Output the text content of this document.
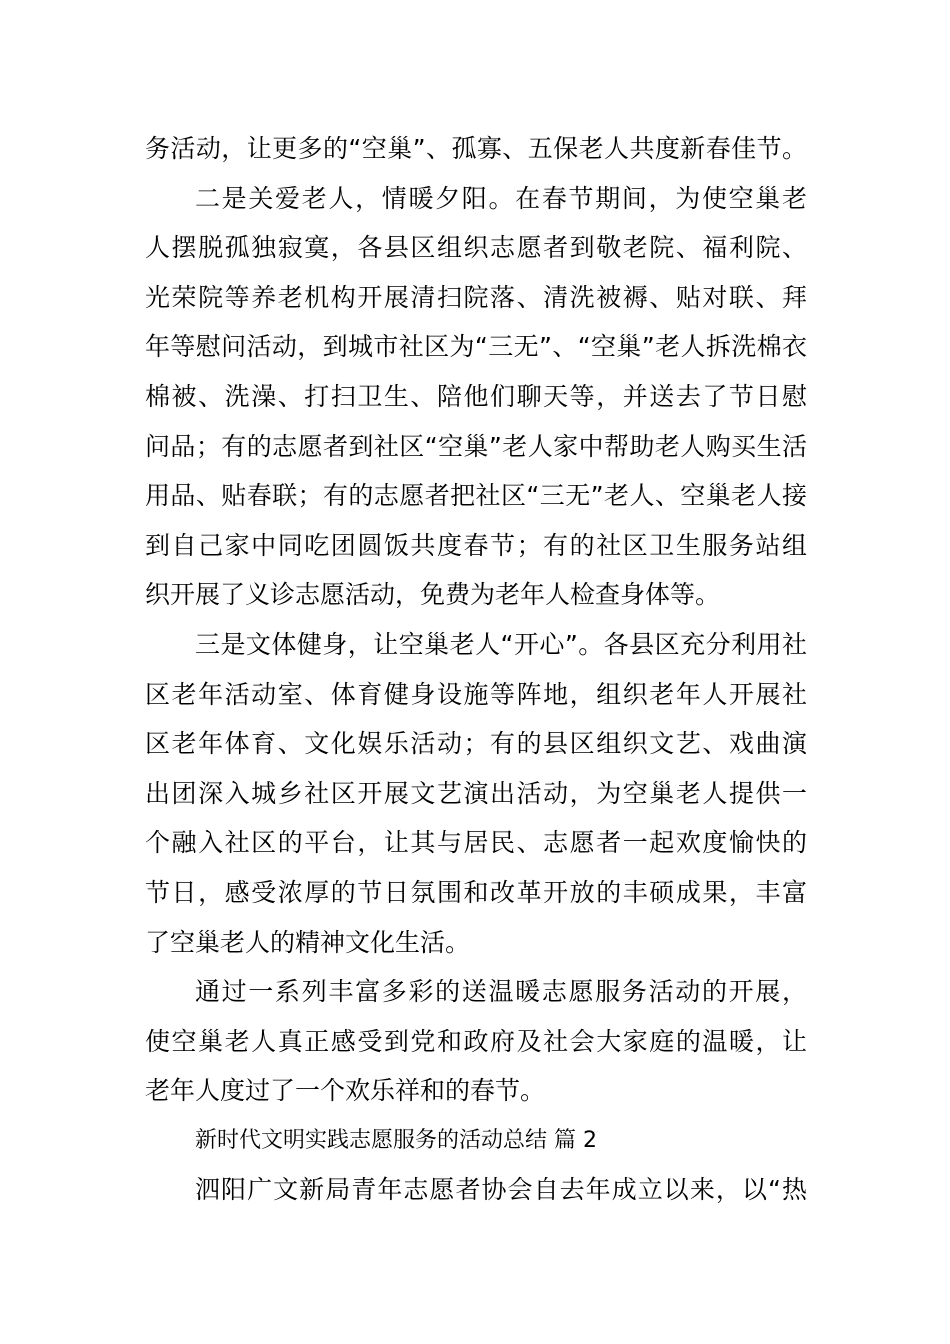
务活动，让更多的“空巢”、孤寡、五保老人共度新春佳节。
二是关爱老人，情暖夕阳。在春节期间，为使空巢老
人摆脱孤独寂寞，各县区组织志愿者到敬老院、福利院、
光荣院等养老机构开展清扫院落、清洗被褥、贴对联、拜
年等慰问活动，到城市社区为“三无”、“空巢”老人拆洗棉衣
棉被、洗澡、打扫卫生、陪他们聊天等，并送去了节日慰
问品；有的志愿者到社区“空巢”老人家中帮助老人购买生活
用品、贴春联；有的志愿者把社区“三无”老人、空巢老人接
到自己家中同吃团圆饭共度春节；有的社区卫生服务站组
织开展了义诊志愿活动，免费为老年人检查身体等。
三是文体健身，让空巢老人“开心”。各县区充分利用社
区老年活动室、体育健身设施等阵地，组织老年人开展社
区老年体育、文化娱乐活动；有的县区组织文艺、戏曲演
出团深入城乡社区开展文艺演出活动，为空巢老人提供一
个融入社区的平台，让其与居民、志愿者一起欢度愉快的
节日，感受浓厚的节日氛围和改革开放的丰硕成果，丰富
了空巢老人的精神文化生活。
通过一系列丰富多彩的送温暖志愿服务活动的开展，
使空巢老人真正感受到党和政府及社会大家庭的温暖，让
老年人度过了一个欢乐祥和的春节。
新时代文明实践志愿服务的活动总结 篇 2
泗阳广文新局青年志愿者协会自去年成立以来，以“热
